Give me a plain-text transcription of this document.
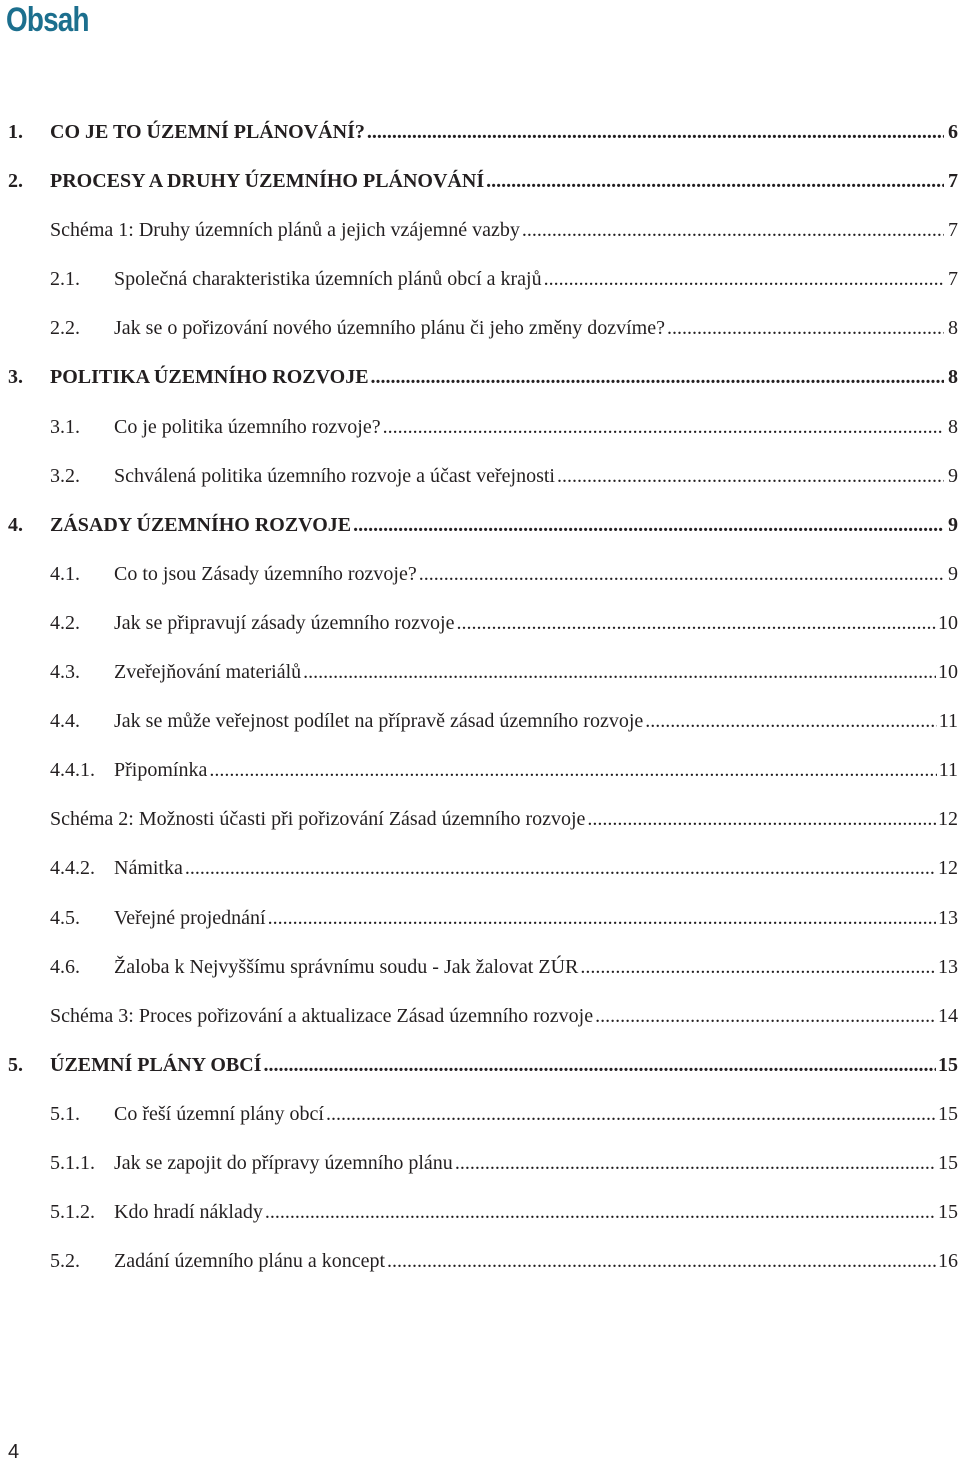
Obsah
1.	CO JE TO ÚZEMNÍ PLÁNOVÁNÍ? .....	6
2.	PROCESY A DRUHY ÚZEMNÍHO PLÁNOVÁNÍ .....	7
Schéma 1: Druhy územních plánů a jejich vzájemné vazby .....	7
2.1.	Společná charakteristika územních plánů obcí a krajů .....	7
2.2.	Jak se o pořizování nového územního plánu či jeho změny dozvíme? .....	8
3.	POLITIKA ÚZEMNÍHO ROZVOJE .....	8
3.1.	Co je politika územního rozvoje? .....	8
3.2.	Schválená politika územního rozvoje a účast veřejnosti .....	9
4.	ZÁSADY ÚZEMNÍHO ROZVOJE .....	9
4.1.	Co to jsou Zásady územního rozvoje? .....	9
4.2.	Jak se připravují zásady územního rozvoje .....	10
4.3.	Zveřejňování materiálů .....	10
4.4.	Jak se může veřejnost podílet na přípravě zásad územního rozvoje .....	11
4.4.1. Připomínka .....	11
Schéma 2: Možnosti účasti při pořizování Zásad územního rozvoje .....	12
4.4.2. Námitka .....	12
4.5.	Veřejné projednání .....	13
4.6.	Žaloba k Nejvyššímu správnímu soudu - Jak žalovat ZÚR .....	13
Schéma 3: Proces pořizování a aktualizace Zásad územního rozvoje .....	14
5.	ÚZEMNÍ PLÁNY OBCÍ .....	15
5.1.	Co řeší územní plány obcí .....	15
5.1.1. Jak se zapojit do přípravy územního plánu .....	15
5.1.2. Kdo hradí náklady .....	15
5.2.	Zadání územního plánu a koncept .....	16
4
